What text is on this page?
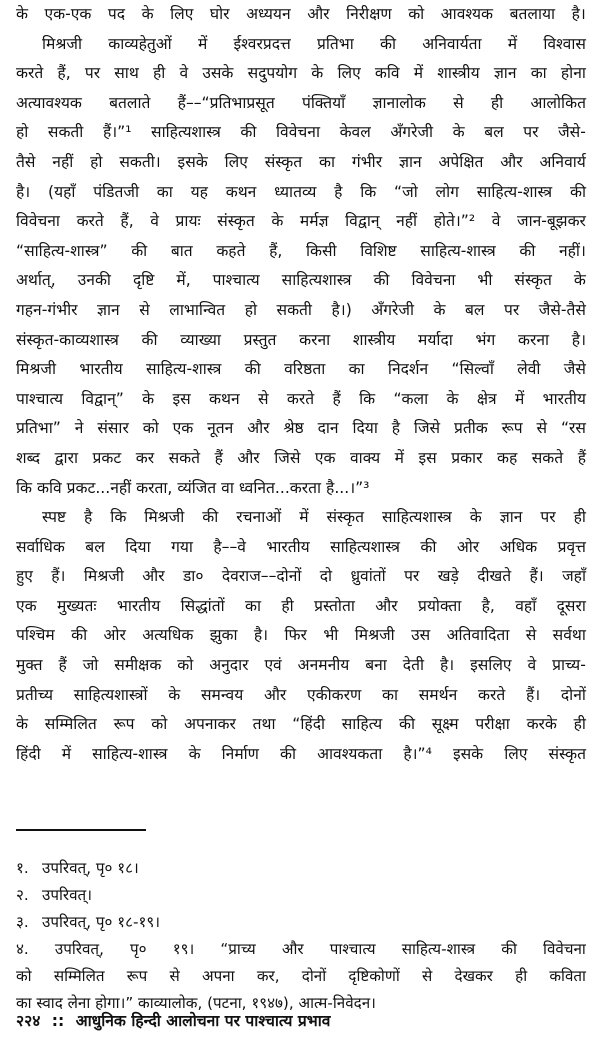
के एक-एक पद के लिए घोर अध्ययन और निरीक्षण को आवश्यक बतलाया है।
मिश्रजी काव्यहेतुओं में ईश्वरप्रदत्त प्रतिभा की अनिवार्यता में विश्वास
करते हैं, पर साथ ही वे उसके सदुपयोग के लिए कवि में शास्त्रीय ज्ञान का होना
अत्यावश्यक बतलाते हैं––“प्रतिभाप्रसूत पंक्तियाँ ज्ञानालोक से ही आलोकित
हो सकती हैं।”¹ साहित्यशास्त्र की विवेचना केवल अँगरेजी के बल पर जैसे-
तैसे नहीं हो सकती। इसके लिए संस्कृत का गंभीर ज्ञान अपेक्षित और अनिवार्य
है। (यहाँ पंडितजी का यह कथन ध्यातव्य है कि “जो लोग साहित्य-शास्त्र की
विवेचना करते हैं, वे प्रायः संस्कृत के मर्मज्ञ विद्वान् नहीं होते।”² वे जान-बूझकर
“साहित्य-शास्त्र” की बात कहते हैं, किसी विशिष्ट साहित्य-शास्त्र की नहीं।
अर्थात्, उनकी दृष्टि में, पाश्चात्य साहित्यशास्त्र की विवेचना भी संस्कृत के
गहन-गंभीर ज्ञान से लाभान्वित हो सकती है।) अँगरेजी के बल पर जैसे-तैसे
संस्कृत-काव्यशास्त्र की व्याख्या प्रस्तुत करना शास्त्रीय मर्यादा भंग करना है।
मिश्रजी भारतीय साहित्य-शास्त्र की वरिष्ठता का निदर्शन “सिल्वाँ लेवी जैसे
पाश्चात्य विद्वान्” के इस कथन से करते हैं कि “कला के क्षेत्र में भारतीय
प्रतिभा” ने संसार को एक नूतन और श्रेष्ठ दान दिया है जिसे प्रतीक रूप से “रस
शब्द द्वारा प्रकट कर सकते हैं और जिसे एक वाक्य में इस प्रकार कह सकते हैं
कि कवि प्रकट...नहीं करता, व्यंजित वा ध्वनित...करता है...।”³
स्पष्ट है कि मिश्रजी की रचनाओं में संस्कृत साहित्यशास्त्र के ज्ञान पर ही
सर्वाधिक बल दिया गया है––वे भारतीय साहित्यशास्त्र की ओर अधिक प्रवृत्त
हुए हैं। मिश्रजी और डा० देवराज––दोनों दो ध्रुवांतों पर खड़े दीखते हैं। जहाँ
एक मुख्यतः भारतीय सिद्धांतों का ही प्रस्तोता और प्रयोक्ता है, वहाँ दूसरा
पश्चिम की ओर अत्यधिक झुका है। फिर भी मिश्रजी उस अतिवादिता से सर्वथा
मुक्त हैं जो समीक्षक को अनुदार एवं अनमनीय बना देती है। इसलिए वे प्राच्य-
प्रतीच्य साहित्यशास्त्रों के समन्वय और एकीकरण का समर्थन करते हैं। दोनों
के सम्मिलित रूप को अपनाकर तथा “हिंदी साहित्य की सूक्ष्म परीक्षा करके ही
हिंदी में साहित्य-शास्त्र के निर्माण की आवश्यकता है।”⁴ इसके लिए संस्कृत
१. उपरिवत्, पृ० १८।
२. उपरिवत्।
३. उपरिवत्, पृ० १८-१९।
४. उपरिवत्, पृ० १९। “प्राच्य और पाश्चात्य साहित्य-शास्त्र की विवेचना
को सम्मिलित रूप से अपना कर, दोनों दृष्टिकोणों से देखकर ही कविता
का स्वाद लेना होगा।” काव्यालोक, (पटना, १९४७), आत्म-निवेदन।
२२४ :: आधुनिक हिन्दी आलोचना पर पाश्चात्य प्रभाव
